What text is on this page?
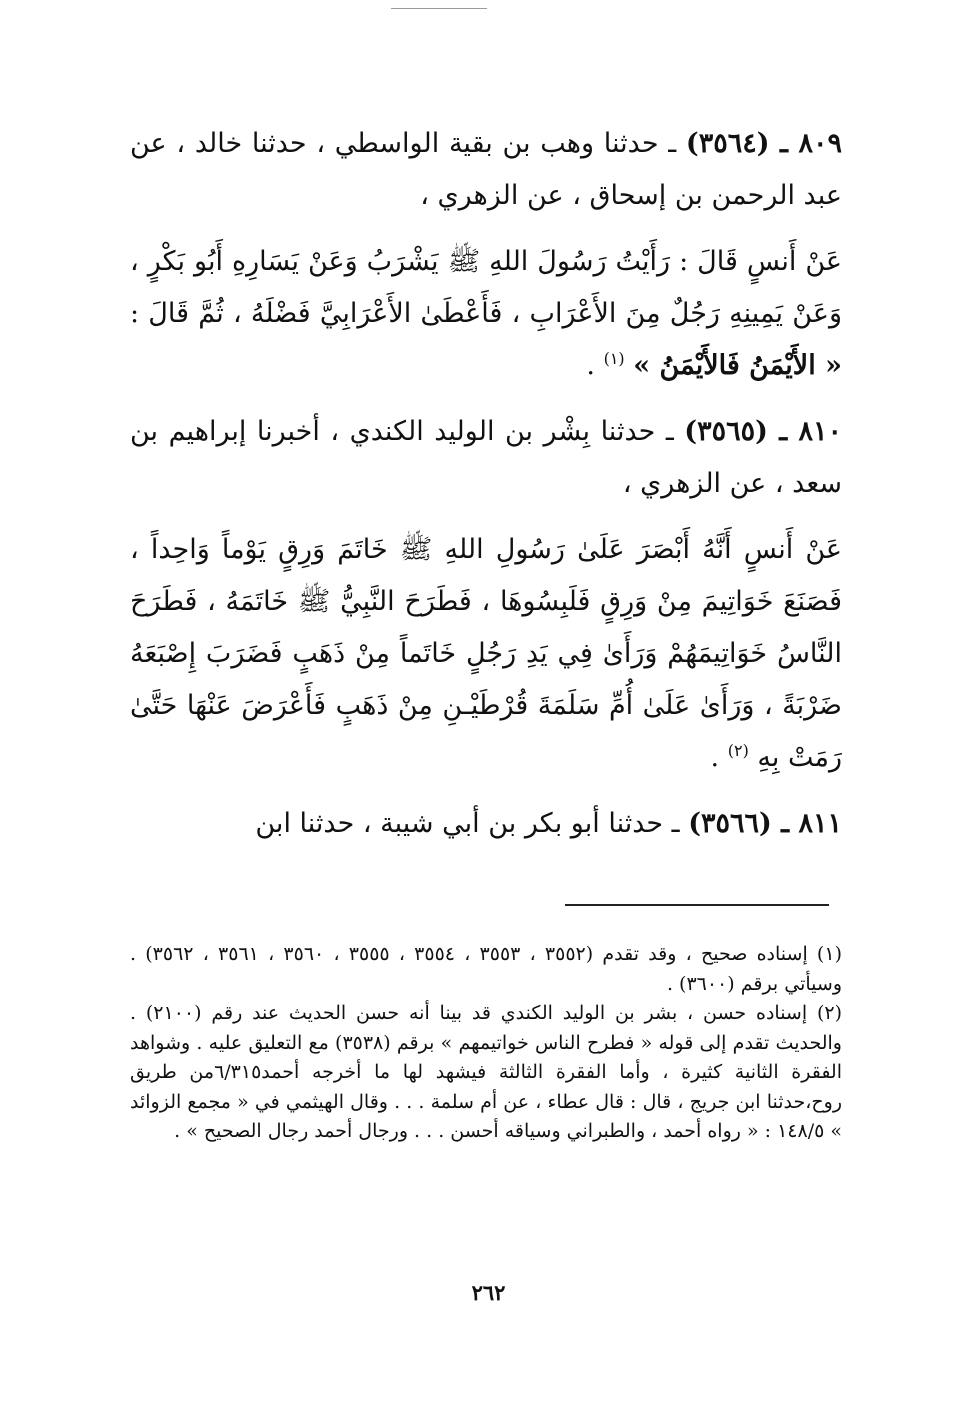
٨٠٩ ـ (٣٥٦٤) ـ حدثنا وهب بن بقية الواسطي ، حدثنا خالد ، عن عبد الرحمن بن إسحاق ، عن الزهري ،

عَنْ أَنسٍ قَالَ : رَأَيْتُ رَسُولَ اللهِ ﷺ يَشْرَبُ وَعَنْ يَسَارِهِ أَبُو بَكْرٍ ، وَعَنْ يَمِينِهِ رَجُلٌ مِنَ الأَعْرَابِ ، فَأَعْطَىٰ الأَعْرَابِيَّ فَضْلَهُ ، ثُمَّ قَالَ : « الأَيْمَنُ فَالأَيْمَنُ » $^{(١)}$ .

٨١٠ ـ (٣٥٦٥) ـ حدثنا بِشْر بن الوليد الكندي ، أخبرنا إبراهيم بن سعد ، عن الزهري ،

عَنْ أَنسٍ أَنَّهُ أَبْصَرَ عَلَىٰ رَسُولِ اللهِ ﷺ خَاتَمَ وَرِقٍ يَوْماً وَاحِداً ، فَصَنَعَ خَوَاتِيمَ مِنْ وَرِقٍ فَلَبِسُوهَا ، فَطَرَحَ النَّبِيُّ ﷺ خَاتَمَهُ ، فَطَرَحَ النَّاسُ خَوَاتِيمَهُمْ وَرَأَىٰ فِي يَدِ رَجُلٍ خَاتَماً مِنْ ذَهَبٍ فَضَرَبَ إِصْبَعَهُ ضَرْبَةً ، وَرَأَىٰ عَلَىٰ أُمِّ سَلَمَةَ قُرْطَيْـنِ مِنْ ذَهَبٍ فَأَعْرَضَ عَنْهَا حَتَّىٰ رَمَتْ بِهِ $^{(٢)}$ .

٨١١ ـ (٣٥٦٦) ـ حدثنا أبو بكر بن أبي شيبة ، حدثنا ابن

(١) إسناده صحيح ، وقد تقدم (٣٥٥٢ ، ٣٥٥٣ ، ٣٥٥٤ ، ٣٥٥٥ ، ٣٥٦٠ ، ٣٥٦١ ، ٣٥٦٢) . وسيأتي برقم (٣٦٠٠) .

(٢) إسناده حسن ، بشر بن الوليد الكندي قد بينا أنه حسن الحديث عند رقم (٢١٠٠) . والحديث تقدم إلى قوله « فطرح الناس خواتيمهم » برقم (٣٥٣٨) مع التعليق عليه . وشواهد الفقرة الثانية كثيرة ، وأما الفقرة الثالثة فيشهد لها ما أخرجه أحمد٦/٣١٥من طريق روح،حدثنا ابن جريج ، قال : قال عطاء ، عن أم سلمة . . . وقال الهيثمي في « مجمع الزوائد » ١٤٨/٥ : « رواه أحمد ، والطبراني وسياقه أحسن . . . ورجال أحمد رجال الصحيح » .

٢٦٢
